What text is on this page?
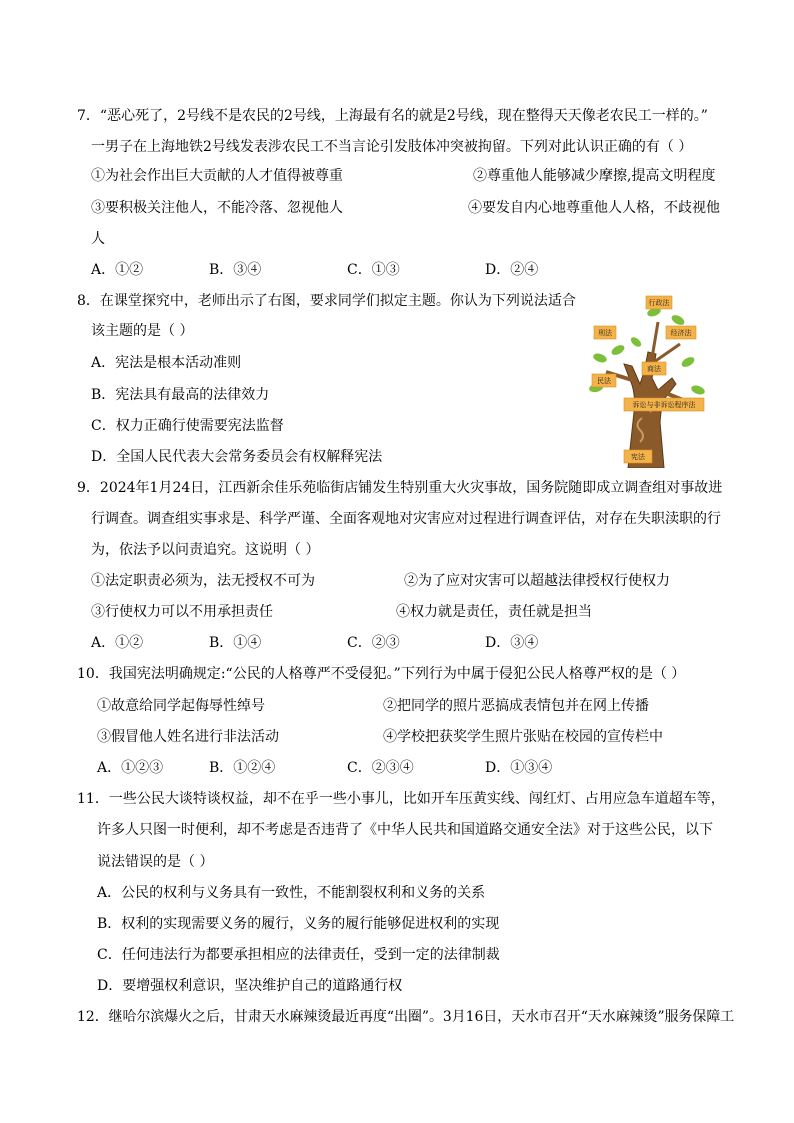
7．“恶心死了，2号线不是农民的2号线，上海最有名的就是2号线，现在整得天天像老农民工一样的。”
一男子在上海地铁2号线发表涉农民工不当言论引发肢体冲突被拘留。下列对此认识正确的有（ ）
①为社会作出巨大贡献的人才值得被尊重	②尊重他人能够减少摩擦,提高文明程度
③要积极关注他人，不能冷落、忽视他人	④要发自内心地尊重他人人格，不歧视他
人
A．①②	B．③④	C．①③	D．②④
8．在课堂探究中，老师出示了右图，要求同学们拟定主题。你认为下列说法适合
该主题的是（ ）
A．宪法是根本活动准则
B．宪法具有最高的法律效力
C．权力正确行使需要宪法监督
D．全国人民代表大会常务委员会有权解释宪法
行政法
刑法	经济法
民法
商法
诉讼与非诉讼程序法
宪法
9．2024年1月24日，江西新余佳乐苑临街店铺发生特别重大火灾事故，国务院随即成立调查组对事故进
行调查。调查组实事求是、科学严谨、全面客观地对灾害应对过程进行调查评估，对存在失职渎职的行
为，依法予以问责追究。这说明（ ）
①法定职责必须为，法无授权不可为	②为了应对灾害可以超越法律授权行使权力
③行使权力可以不用承担责任	④权力就是责任，责任就是担当
A．①②	B．①④	C．②③	D．③④
10．我国宪法明确规定:“公民的人格尊严不受侵犯。”下列行为中属于侵犯公民人格尊严权的是（ ）
①故意给同学起侮辱性绰号	②把同学的照片恶搞成表情包并在网上传播
③假冒他人姓名进行非法活动	④学校把获奖学生照片张贴在校园的宣传栏中
A．①②③	B．①②④	C．②③④	D．①③④
11．一些公民大谈特谈权益，却不在乎一些小事儿，比如开车压黄实线、闯红灯、占用应急车道超车等，
许多人只图一时便利，却不考虑是否违背了《中华人民共和国道路交通安全法》对于这些公民，以下
说法错误的是（ ）
A．公民的权利与义务具有一致性，不能割裂权利和义务的关系
B．权利的实现需要义务的履行，义务的履行能够促进权利的实现
C．任何违法行为都要承担相应的法律责任，受到一定的法律制裁
D．要增强权利意识，坚决维护自己的道路通行权
12．继哈尔滨爆火之后，甘肃天水麻辣烫最近再度“出圈”。3月16日，天水市召开“天水麻辣烫”服务保障工
